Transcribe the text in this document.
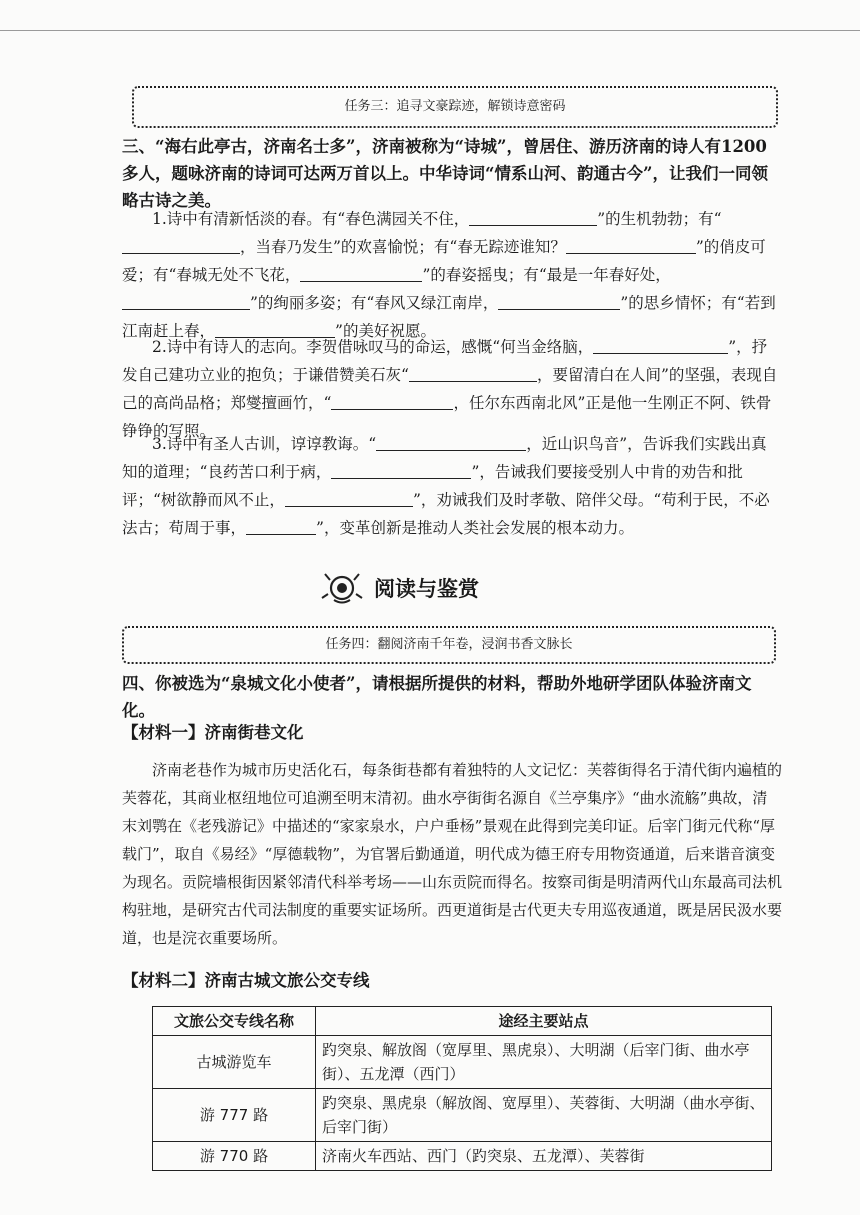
任务三：追寻文豪踪迹，解锁诗意密码
三、“海右此亭古，济南名士多”，济南被称为“诗城”，曾居住、游历济南的诗人有1200多人，题咏济南的诗词可达两万首以上。中华诗词“情系山河、韵通古今”，让我们一同领略古诗之美。
1.诗中有清新恬淡的春。有“春色满园关不住，	”的生机勃勃；有“，当春乃发生”的欢喜愉悦；有“春无踪迹谁知？	”的俏皮可爱；有“春城无处不飞花，	”的春姿摇曳；有“最是一年春好处，”的绚丽多姿；有“春风又绿江南岸，	”的思乡情怀；有“若到江南赶上春，	”的美好祝愿。
2.诗中有诗人的志向。李贺借咏叹马的命运，感慨“何当金络脑，	”，抒发自己建功立业的抱负；于谦借赞美石灰“	，要留清白在人间”的坚强，表现自己的高尚品格；郑燮擅画竹，“	，任尔东西南北风”正是他一生刚正不阿、铁骨铮铮的写照。
3.诗中有圣人古训，谆谆教诲。“	，近山识鸟音”，告诉我们实践出真知的道理；“良药苦口利于病，	”，告诫我们要接受别人中肯的劝告和批评；“树欲静而风不止，	”，劝诫我们及时孝敬、陪伴父母。“苟利于民，不必法古；苟周于事，	”，变革创新是推动人类社会发展的根本动力。
阅读与鉴赏
任务四：翻阅济南千年卷，浸润书香文脉长
四、你被选为“泉城文化小使者”，请根据所提供的材料，帮助外地研学团队体验济南文化。
【材料一】济南街巷文化
济南老巷作为城市历史活化石，每条街巷都有着独特的人文记忆：芙蓉街得名于清代街内遍植的芙蓉花，其商业枢纽地位可追溯至明末清初。曲水亭街街名源自《兰亭集序》“曲水流觞”典故，清末刘鹗在《老残游记》中描述的“家家泉水，户户垂杨”景观在此得到完美印证。后宰门街元代称“厚载门”，取自《易经》“厚德载物”，为官署后勤通道，明代成为德王府专用物资通道，后来谐音演变为现名。贡院墙根街因紧邻清代科举考场——山东贡院而得名。按察司街是明清两代山东最高司法机构驻地，是研究古代司法制度的重要实证场所。西更道街是古代更夫专用巡夜通道，既是居民汲水要道，也是浣衣重要场所。
【材料二】济南古城文旅公交专线
文旅公交专线名称	途经主要站点
古城游览车	趵突泉、解放阁（宽厚里、黑虎泉）、大明湖（后宰门街、曲水亭街）、五龙潭（西门）
游 777 路	趵突泉、黑虎泉（解放阁、宽厚里）、芙蓉街、大明湖（曲水亭街、后宰门街）
游 770 路	济南火车西站、西门（趵突泉、五龙潭）、芙蓉街
